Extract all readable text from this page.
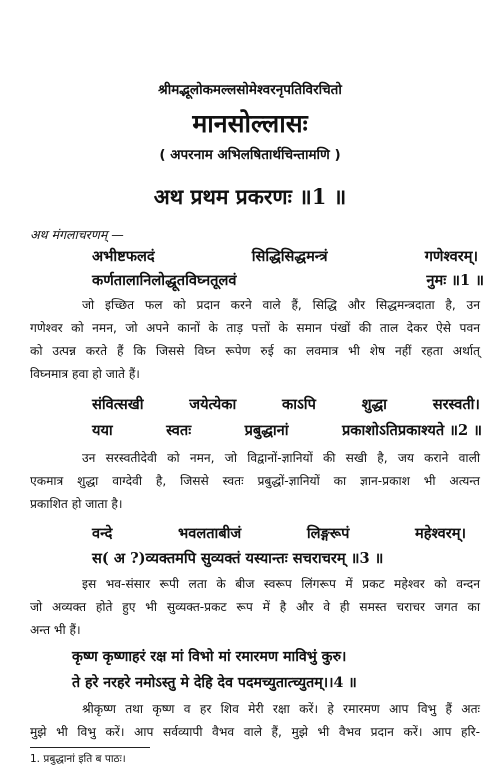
श्रीमद्भूलोकमल्लसोमेश्वरनृपतिविरचितो
मानसोल्लासः
( अपरनाम अभिलषितार्थचिन्तामणि )
अथ प्रथम प्रकरणः ॥1 ॥
अथ मंगलाचरणम् —
अभीष्टफलदं	सिद्धिसिद्धमन्त्रं	गणेश्वरम्।
कर्णतालानिलोद्धूतविघ्नतूलवं	नुमः ॥1 ॥
जो इच्छित फल को प्रदान करने वाले हैं, सिद्धि और सिद्धमन्त्रदाता है, उन
गणेश्वर को नमन, जो अपने कानों के ताड़ पत्तों के समान पंखों की ताल देकर ऐसे पवन
को उत्पन्न करते हैं कि जिससे विघ्न रूपेण रुई का लवमात्र भी शेष नहीं रहता अर्थात्
विघ्नमात्र हवा हो जाते हैं।
संवित्सखी	जयेत्येका	काऽपि	शुद्धा	सरस्वती।
यया	स्वतः	प्रबुद्धानां	प्रकाशोऽतिप्रकाश्यते ॥2 ॥
उन सरस्वतीदेवी को नमन, जो विद्वानों-ज्ञानियों की सखी है, जय कराने वाली
एकमात्र शुद्धा वाग्देवी है, जिससे स्वतः प्रबुद्धों-ज्ञानियों का ज्ञान-प्रकाश भी अत्यन्त
प्रकाशित हो जाता है।
वन्दे	भवलताबीजं	लिङ्गरूपं	महेश्वरम्।
स( अ ?)व्यक्तमपि सुव्यक्तं यस्यान्तः सचराचरम् ॥3 ॥
इस भव-संसार रूपी लता के बीज स्वरूप लिंगरूप में प्रकट महेश्वर को वन्दन
जो अव्यक्त होते हुए भी सुव्यक्त-प्रकट रूप में है और वे ही समस्त चराचर जगत का
अन्त भी हैं।
कृष्ण कृष्णाहरं रक्ष मां विभो मां रमारमण माविभुं कुरु।
ते हरे नरहरे नमोऽस्तु मे देहि देव पदमच्युतात्च्युतम्।।4 ॥
श्रीकृष्ण तथा कृष्ण व हर शिव मेरी रक्षा करें। हे रमारमण आप विभु हैं अतः
मुझे भी विभु करें। आप सर्वव्यापी वैभव वाले हैं, मुझे भी वैभव प्रदान करें। आप हरि-
1. प्रबुद्धानां इति ब पाठः।
